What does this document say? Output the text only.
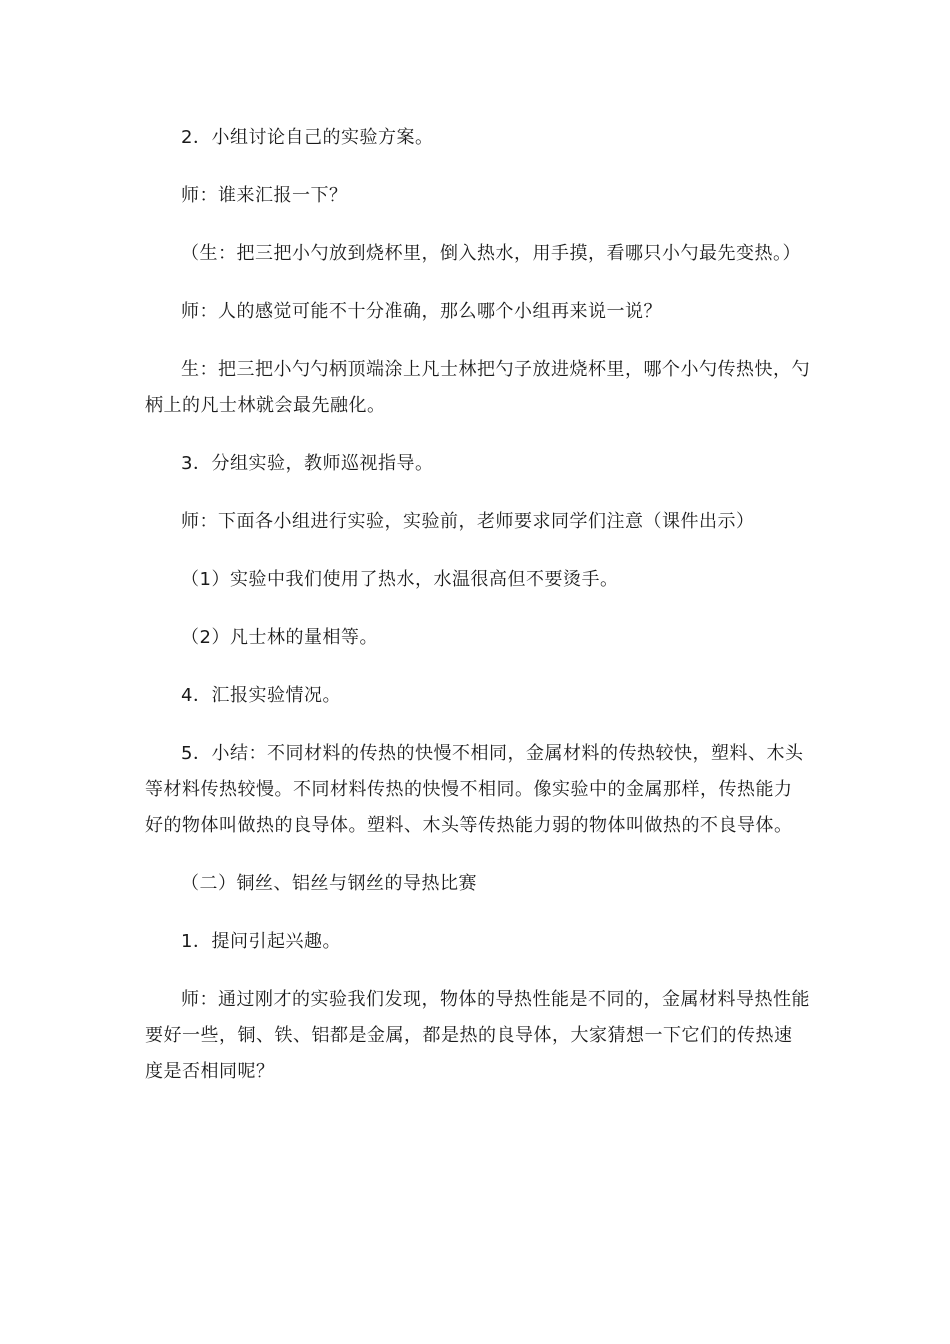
2．小组讨论自己的实验方案。

师：谁来汇报一下？

（生：把三把小勺放到烧杯里，倒入热水，用手摸，看哪只小勺最先变热。）

师：人的感觉可能不十分准确，那么哪个小组再来说一说？

生：把三把小勺勺柄顶端涂上凡士林把勺子放进烧杯里，哪个小勺传热快，勺柄上的凡士林就会最先融化。

3．分组实验，教师巡视指导。

师：下面各小组进行实验，实验前，老师要求同学们注意（课件出示）

（1）实验中我们使用了热水，水温很高但不要烫手。

（2）凡士林的量相等。

4．汇报实验情况。

5．小结：不同材料的传热的快慢不相同，金属材料的传热较快，塑料、木头等材料传热较慢。不同材料传热的快慢不相同。像实验中的金属那样，传热能力好的物体叫做热的良导体。塑料、木头等传热能力弱的物体叫做热的不良导体。

（二）铜丝、铝丝与钢丝的导热比赛

1．提问引起兴趣。

师：通过刚才的实验我们发现，物体的导热性能是不同的，金属材料导热性能要好一些，铜、铁、铝都是金属，都是热的良导体，大家猜想一下它们的传热速度是否相同呢？
